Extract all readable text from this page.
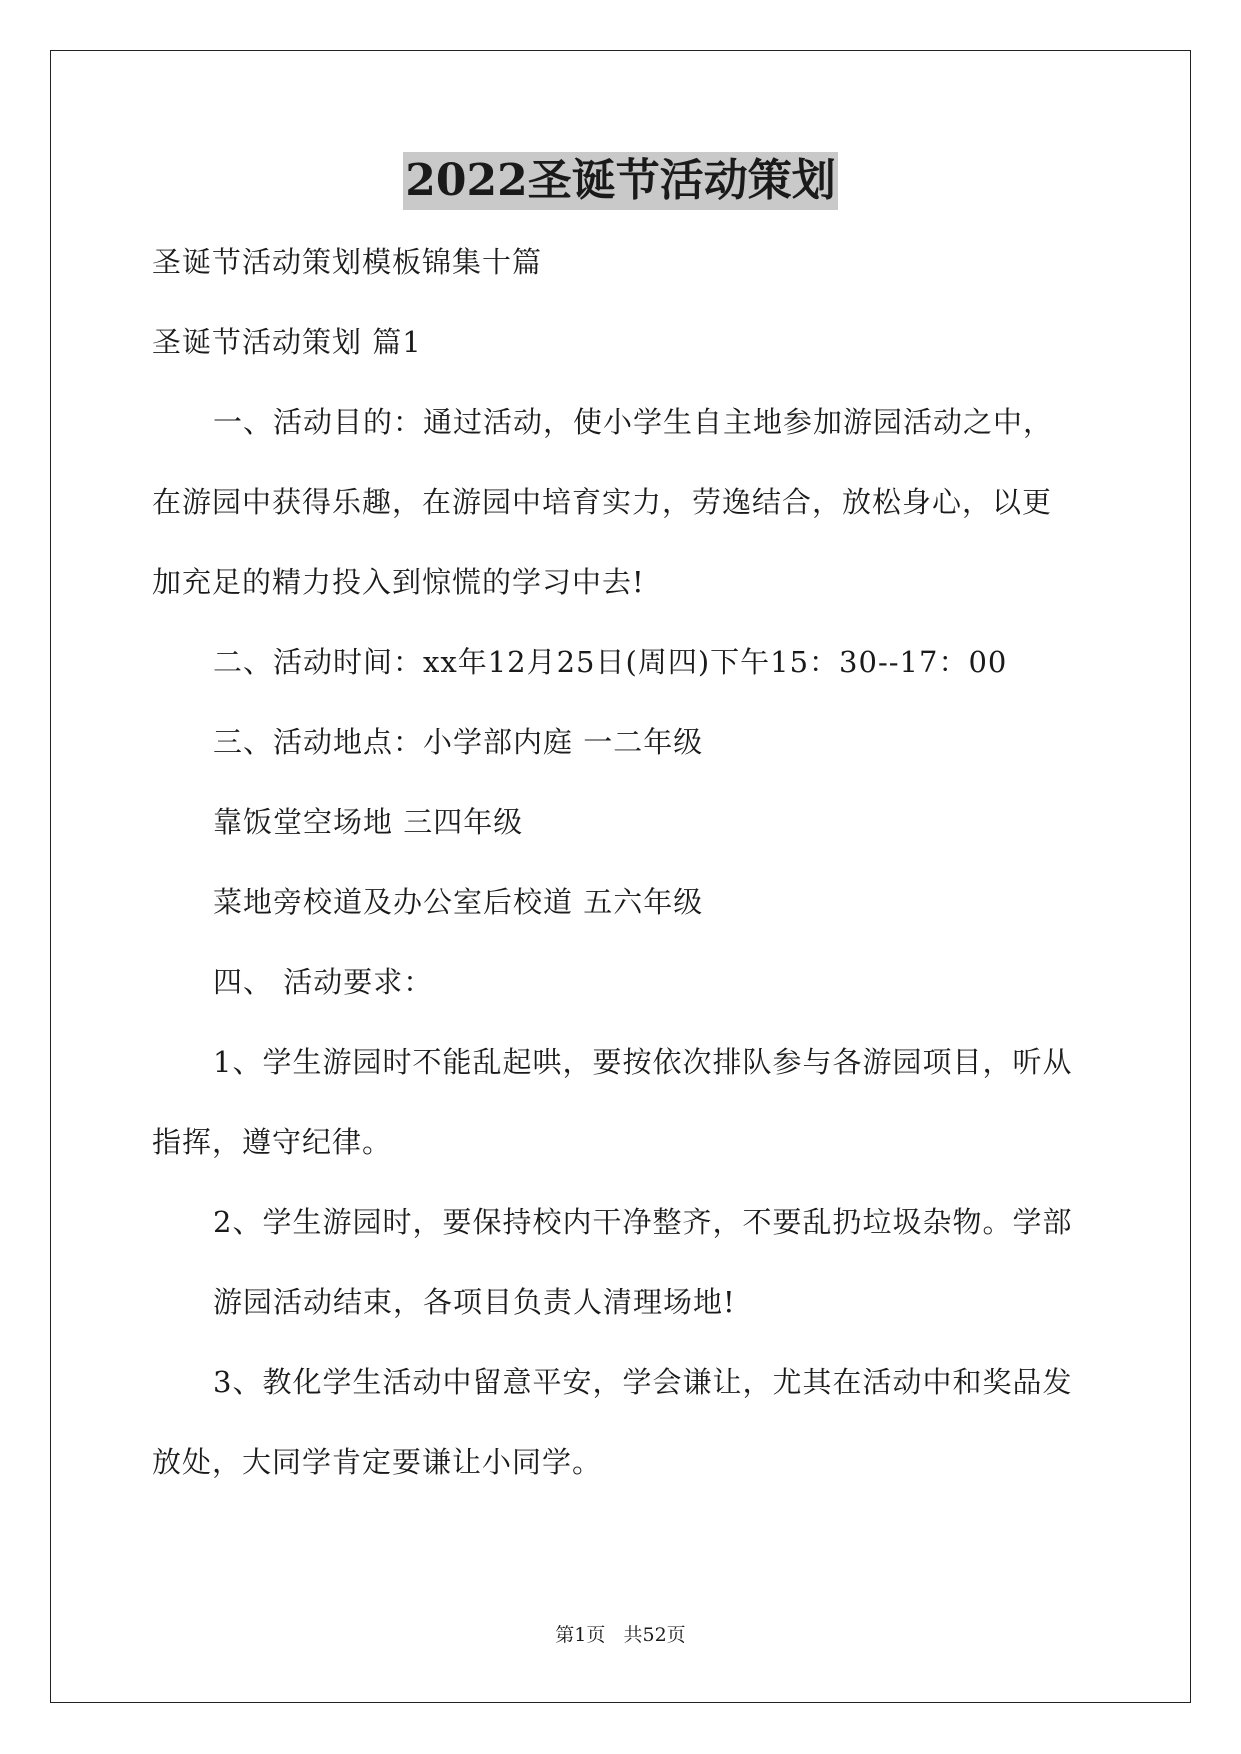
2022圣诞节活动策划
圣诞节活动策划模板锦集十篇
圣诞节活动策划 篇1
一、活动目的：通过活动，使小学生自主地参加游园活动之中，
在游园中获得乐趣，在游园中培育实力，劳逸结合，放松身心，以更
加充足的精力投入到惊慌的学习中去!
二、活动时间：xx年12月25日(周四)下午15：30--17：00
三、活动地点：小学部内庭 一二年级
靠饭堂空场地 三四年级
菜地旁校道及办公室后校道 五六年级
四、 活动要求：
1、学生游园时不能乱起哄，要按依次排队参与各游园项目，听从
指挥，遵守纪律。
2、学生游园时，要保持校内干净整齐，不要乱扔垃圾杂物。学部
游园活动结束，各项目负责人清理场地!
3、教化学生活动中留意平安，学会谦让，尤其在活动中和奖品发
放处，大同学肯定要谦让小同学。
第1页   共52页
